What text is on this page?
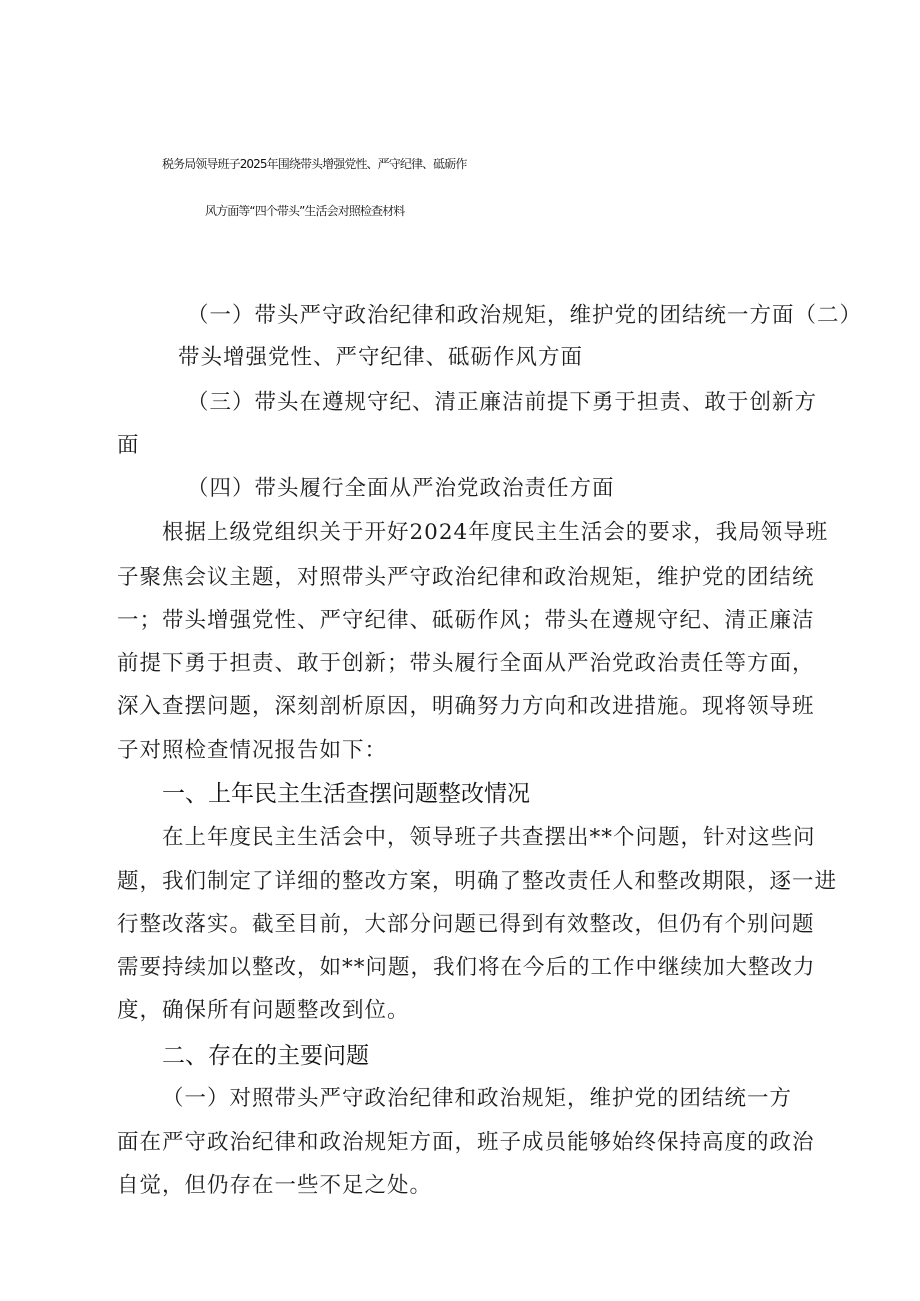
税务局领导班子2025年围绕带头增强党性、严守纪律、砥砺作
风方面等“四个带头”生活会对照检查材料
（一）带头严守政治纪律和政治规矩，维护党的团结统一方面（二）
带头增强党性、严守纪律、砥砺作风方面
（三）带头在遵规守纪、清正廉洁前提下勇于担责、敢于创新方
面
（四）带头履行全面从严治党政治责任方面
根据上级党组织关于开好2024年度民主生活会的要求，我局领导班
子聚焦会议主题，对照带头严守政治纪律和政治规矩，维护党的团结统
一；带头增强党性、严守纪律、砥砺作风；带头在遵规守纪、清正廉洁
前提下勇于担责、敢于创新；带头履行全面从严治党政治责任等方面，
深入查摆问题，深刻剖析原因，明确努力方向和改进措施。现将领导班
子对照检查情况报告如下：
一、上年民主生活查摆问题整改情况
在上年度民主生活会中，领导班子共查摆出**个问题，针对这些问
题，我们制定了详细的整改方案，明确了整改责任人和整改期限，逐一进
行整改落实。截至目前，大部分问题已得到有效整改，但仍有个别问题
需要持续加以整改，如**问题，我们将在今后的工作中继续加大整改力
度，确保所有问题整改到位。
二、存在的主要问题
（一）对照带头严守政治纪律和政治规矩，维护党的团结统一方
面在严守政治纪律和政治规矩方面，班子成员能够始终保持高度的政治
自觉，但仍存在一些不足之处。
